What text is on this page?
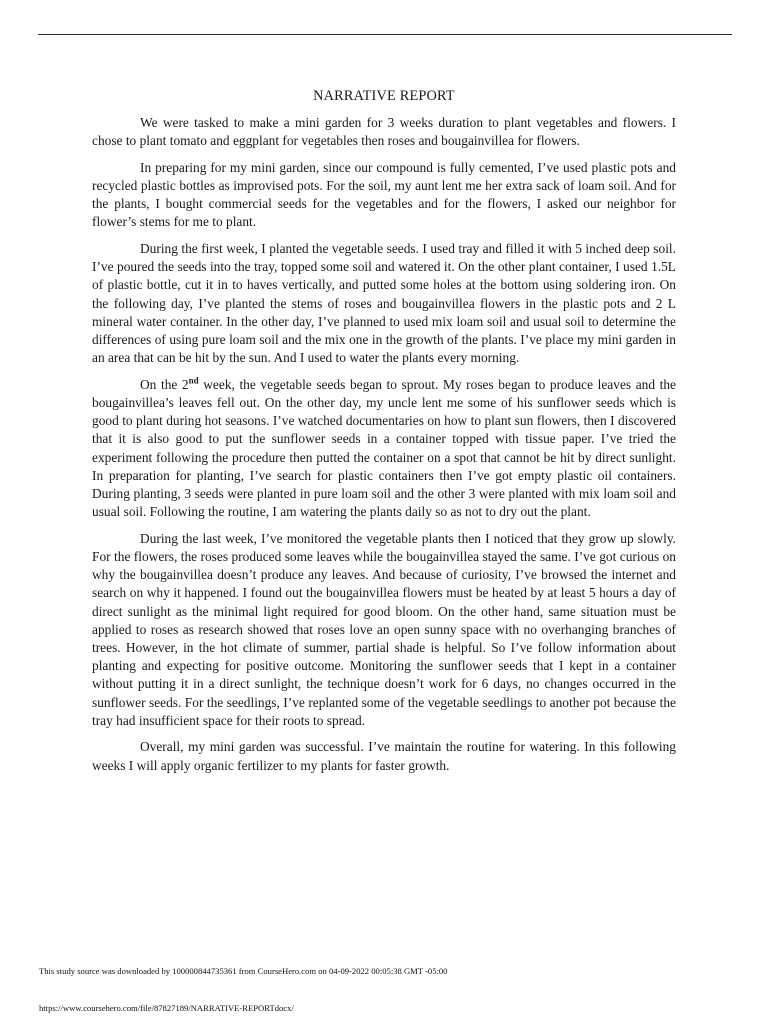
NARRATIVE REPORT

We were tasked to make a mini garden for 3 weeks duration to plant vegetables and flowers. I chose to plant tomato and eggplant for vegetables then roses and bougainvillea for flowers.

In preparing for my mini garden, since our compound is fully cemented, I’ve used plastic pots and recycled plastic bottles as improvised pots. For the soil, my aunt lent me her extra sack of loam soil. And for the plants, I bought commercial seeds for the vegetables and for the flowers, I asked our neighbor for flower’s stems for me to plant.

During the first week, I planted the vegetable seeds. I used tray and filled it with 5 inched deep soil. I’ve poured the seeds into the tray, topped some soil and watered it. On the other plant container, I used 1.5L of plastic bottle, cut it in to haves vertically, and putted some holes at the bottom using soldering iron. On the following day, I’ve planted the stems of roses and bougainvillea flowers in the plastic pots and 2 L mineral water container. In the other day, I’ve planned to used mix loam soil and usual soil to determine the differences of using pure loam soil and the mix one in the growth of the plants. I’ve place my mini garden in an area that can be hit by the sun. And I used to water the plants every morning.

On the 2nd week, the vegetable seeds began to sprout. My roses began to produce leaves and the bougainvillea’s leaves fell out. On the other day, my uncle lent me some of his sunflower seeds which is good to plant during hot seasons. I’ve watched documentaries on how to plant sun flowers, then I discovered that it is also good to put the sunflower seeds in a container topped with tissue paper. I’ve tried the experiment following the procedure then putted the container on a spot that cannot be hit by direct sunlight. In preparation for planting, I’ve search for plastic containers then I’ve got empty plastic oil containers. During planting, 3 seeds were planted in pure loam soil and the other 3 were planted with mix loam soil and usual soil. Following the routine, I am watering the plants daily so as not to dry out the plant.

During the last week, I’ve monitored the vegetable plants then I noticed that they grow up slowly. For the flowers, the roses produced some leaves while the bougainvillea stayed the same. I’ve got curious on why the bougainvillea doesn’t produce any leaves. And because of curiosity, I’ve browsed the internet and search on why it happened. I found out the bougainvillea flowers must be heated by at least 5 hours a day of direct sunlight as the minimal light required for good bloom. On the other hand, same situation must be applied to roses as research showed that roses love an open sunny space with no overhanging branches of trees. However, in the hot climate of summer, partial shade is helpful. So I’ve follow information about planting and expecting for positive outcome. Monitoring the sunflower seeds that I kept in a container without putting it in a direct sunlight, the technique doesn’t work for 6 days, no changes occurred in the sunflower seeds. For the seedlings, I’ve replanted some of the vegetable seedlings to another pot because the tray had insufficient space for their roots to spread.

Overall, my mini garden was successful. I’ve maintain the routine for watering. In this following weeks I will apply organic fertilizer to my plants for faster growth.

This study source was downloaded by 100000844735361 from CourseHero.com on 04-09-2022 00:05:38 GMT -05:00
https://www.coursehero.com/file/87827189/NARRATIVE-REPORTdocx/
